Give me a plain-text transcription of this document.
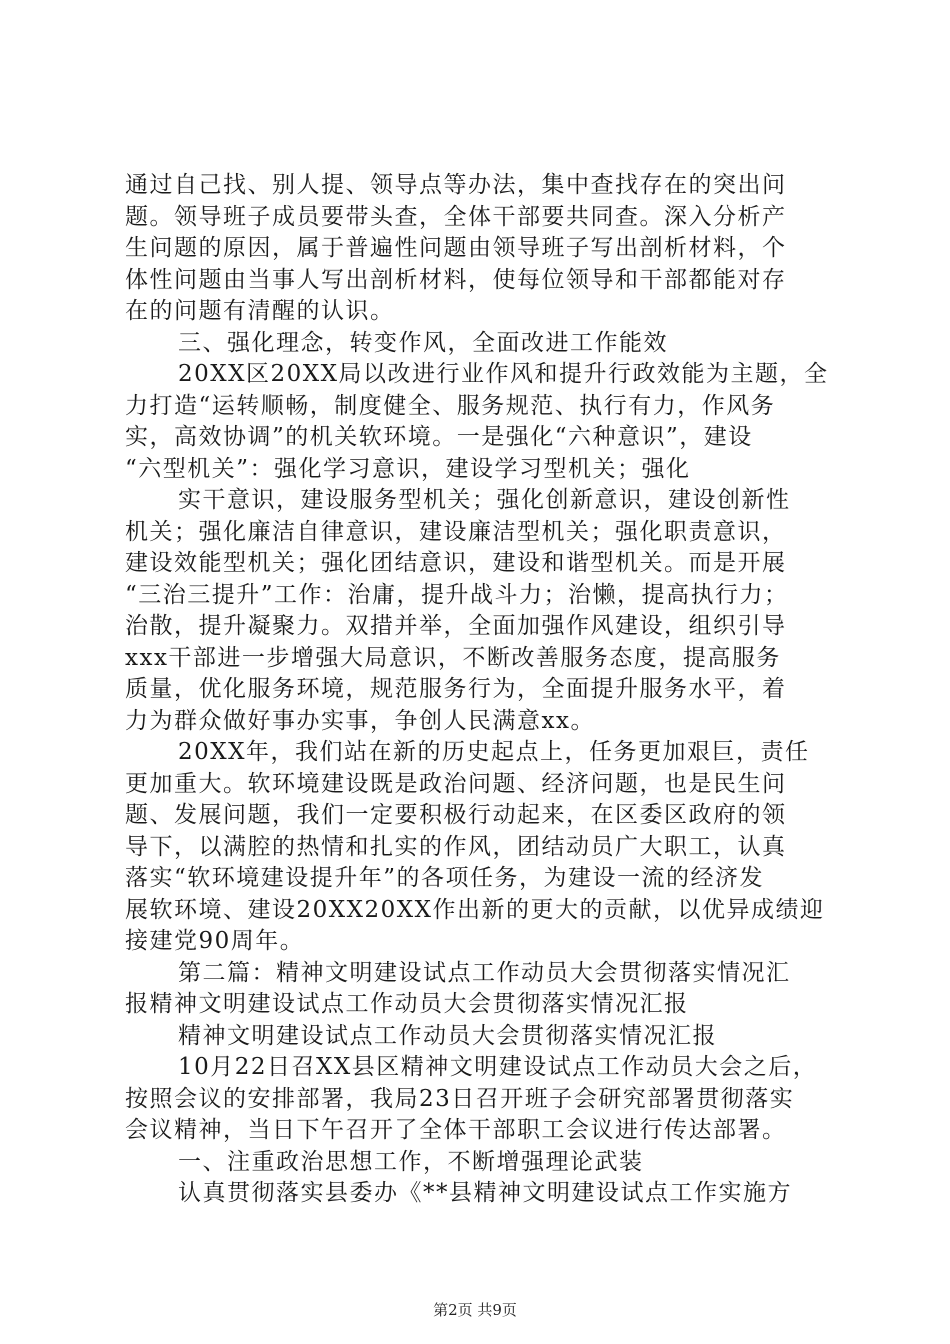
通过自己找、别人提、领导点等办法，集中查找存在的突出问
题。领导班子成员要带头查，全体干部要共同查。深入分析产
生问题的原因，属于普遍性问题由领导班子写出剖析材料，个
体性问题由当事人写出剖析材料，使每位领导和干部都能对存
在的问题有清醒的认识。
三、强化理念，转变作风，全面改进工作能效
20XX区20XX局以改进行业作风和提升行政效能为主题，全
力打造“运转顺畅，制度健全、服务规范、执行有力，作风务
实，高效协调”的机关软环境。一是强化“六种意识”，建设
“六型机关”：强化学习意识，建设学习型机关；强化
实干意识，建设服务型机关；强化创新意识，建设创新性
机关；强化廉洁自律意识，建设廉洁型机关；强化职责意识，
建设效能型机关；强化团结意识，建设和谐型机关。而是开展
“三治三提升”工作：治庸，提升战斗力；治懒，提高执行力；
治散，提升凝聚力。双措并举，全面加强作风建设，组织引导
xxx干部进一步增强大局意识，不断改善服务态度，提高服务
质量，优化服务环境，规范服务行为，全面提升服务水平，着
力为群众做好事办实事，争创人民满意xx。
20XX年，我们站在新的历史起点上，任务更加艰巨，责任
更加重大。软环境建设既是政治问题、经济问题，也是民生问
题、发展问题，我们一定要积极行动起来，在区委区政府的领
导下，以满腔的热情和扎实的作风，团结动员广大职工，认真
落实“软环境建设提升年”的各项任务，为建设一流的经济发
展软环境、建设20XX20XX作出新的更大的贡献，以优异成绩迎
接建党90周年。
第二篇：精神文明建设试点工作动员大会贯彻落实情况汇
报精神文明建设试点工作动员大会贯彻落实情况汇报
精神文明建设试点工作动员大会贯彻落实情况汇报
10月22日召XX县区精神文明建设试点工作动员大会之后，
按照会议的安排部署，我局23日召开班子会研究部署贯彻落实
会议精神，当日下午召开了全体干部职工会议进行传达部署。
一、注重政治思想工作，不断增强理论武装
认真贯彻落实县委办《**县精神文明建设试点工作实施方
第2页 共9页
